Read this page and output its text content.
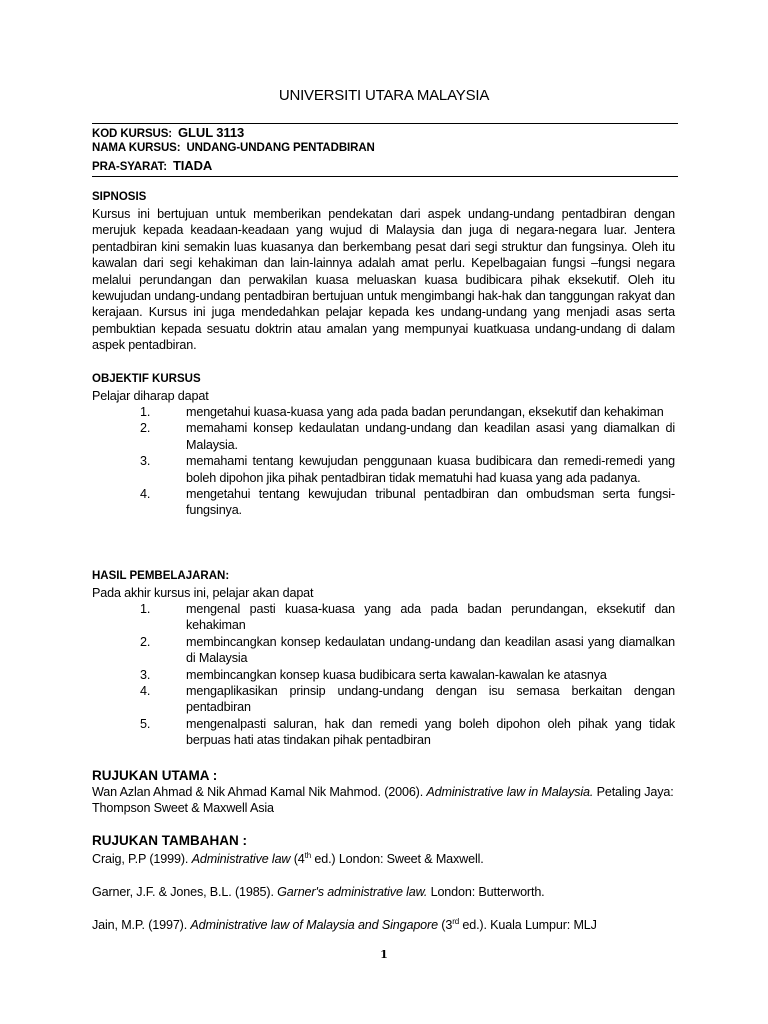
UNIVERSITI UTARA MALAYSIA
KOD KURSUS: GLUL 3113
NAMA KURSUS: UNDANG-UNDANG PENTADBIRAN
PRA-SYARAT: TIADA
SIPNOSIS
Kursus ini bertujuan untuk memberikan pendekatan dari aspek undang-undang pentadbiran dengan merujuk kepada keadaan-keadaan yang wujud di Malaysia dan juga di negara-negara luar. Jentera pentadbiran kini semakin luas kuasanya dan berkembang pesat dari segi struktur dan fungsinya. Oleh itu kawalan dari segi kehakiman dan lain-lainnya adalah amat perlu. Kepelbagaian fungsi –fungsi negara melalui perundangan dan perwakilan kuasa meluaskan kuasa budibicara pihak eksekutif. Oleh itu kewujudan undang-undang pentadbiran bertujuan untuk mengimbangi hak-hak dan tanggungan rakyat dan kerajaan. Kursus ini juga mendedahkan pelajar kepada kes undang-undang yang menjadi asas serta pembuktian kepada sesuatu doktrin atau amalan yang mempunyai kuatkuasa undang-undang di dalam aspek pentadbiran.
OBJEKTIF KURSUS
Pelajar diharap dapat
1.	mengetahui kuasa-kuasa yang ada pada badan perundangan, eksekutif dan kehakiman
2.	memahami konsep kedaulatan undang-undang dan keadilan asasi yang diamalkan di Malaysia.
3.	memahami tentang kewujudan penggunaan kuasa budibicara dan remedi-remedi yang boleh dipohon jika pihak pentadbiran tidak mematuhi had kuasa yang ada padanya.
4.	mengetahui tentang kewujudan tribunal pentadbiran dan ombudsman serta fungsi-fungsinya.
HASIL PEMBELAJARAN:
Pada akhir kursus ini, pelajar akan dapat
1.	mengenal pasti kuasa-kuasa yang ada pada badan perundangan, eksekutif dan kehakiman
2.	membincangkan konsep kedaulatan undang-undang dan keadilan asasi yang diamalkan di Malaysia
3.	membincangkan konsep kuasa budibicara serta kawalan-kawalan ke atasnya
4.	mengaplikasikan prinsip undang-undang dengan isu semasa berkaitan dengan pentadbiran
5.	mengenalpasti saluran, hak dan remedi yang boleh dipohon oleh pihak yang tidak berpuas hati atas tindakan pihak pentadbiran
RUJUKAN UTAMA :
Wan Azlan Ahmad & Nik Ahmad Kamal Nik Mahmod. (2006). Administrative law in Malaysia. Petaling Jaya: Thompson Sweet & Maxwell Asia
RUJUKAN TAMBAHAN :
Craig, P.P (1999). Administrative law (4th ed.) London: Sweet & Maxwell.
Garner, J.F. & Jones, B.L. (1985). Garner's administrative law. London: Butterworth.
Jain, M.P. (1997). Administrative law of Malaysia and Singapore (3rd ed.). Kuala Lumpur: MLJ
1
